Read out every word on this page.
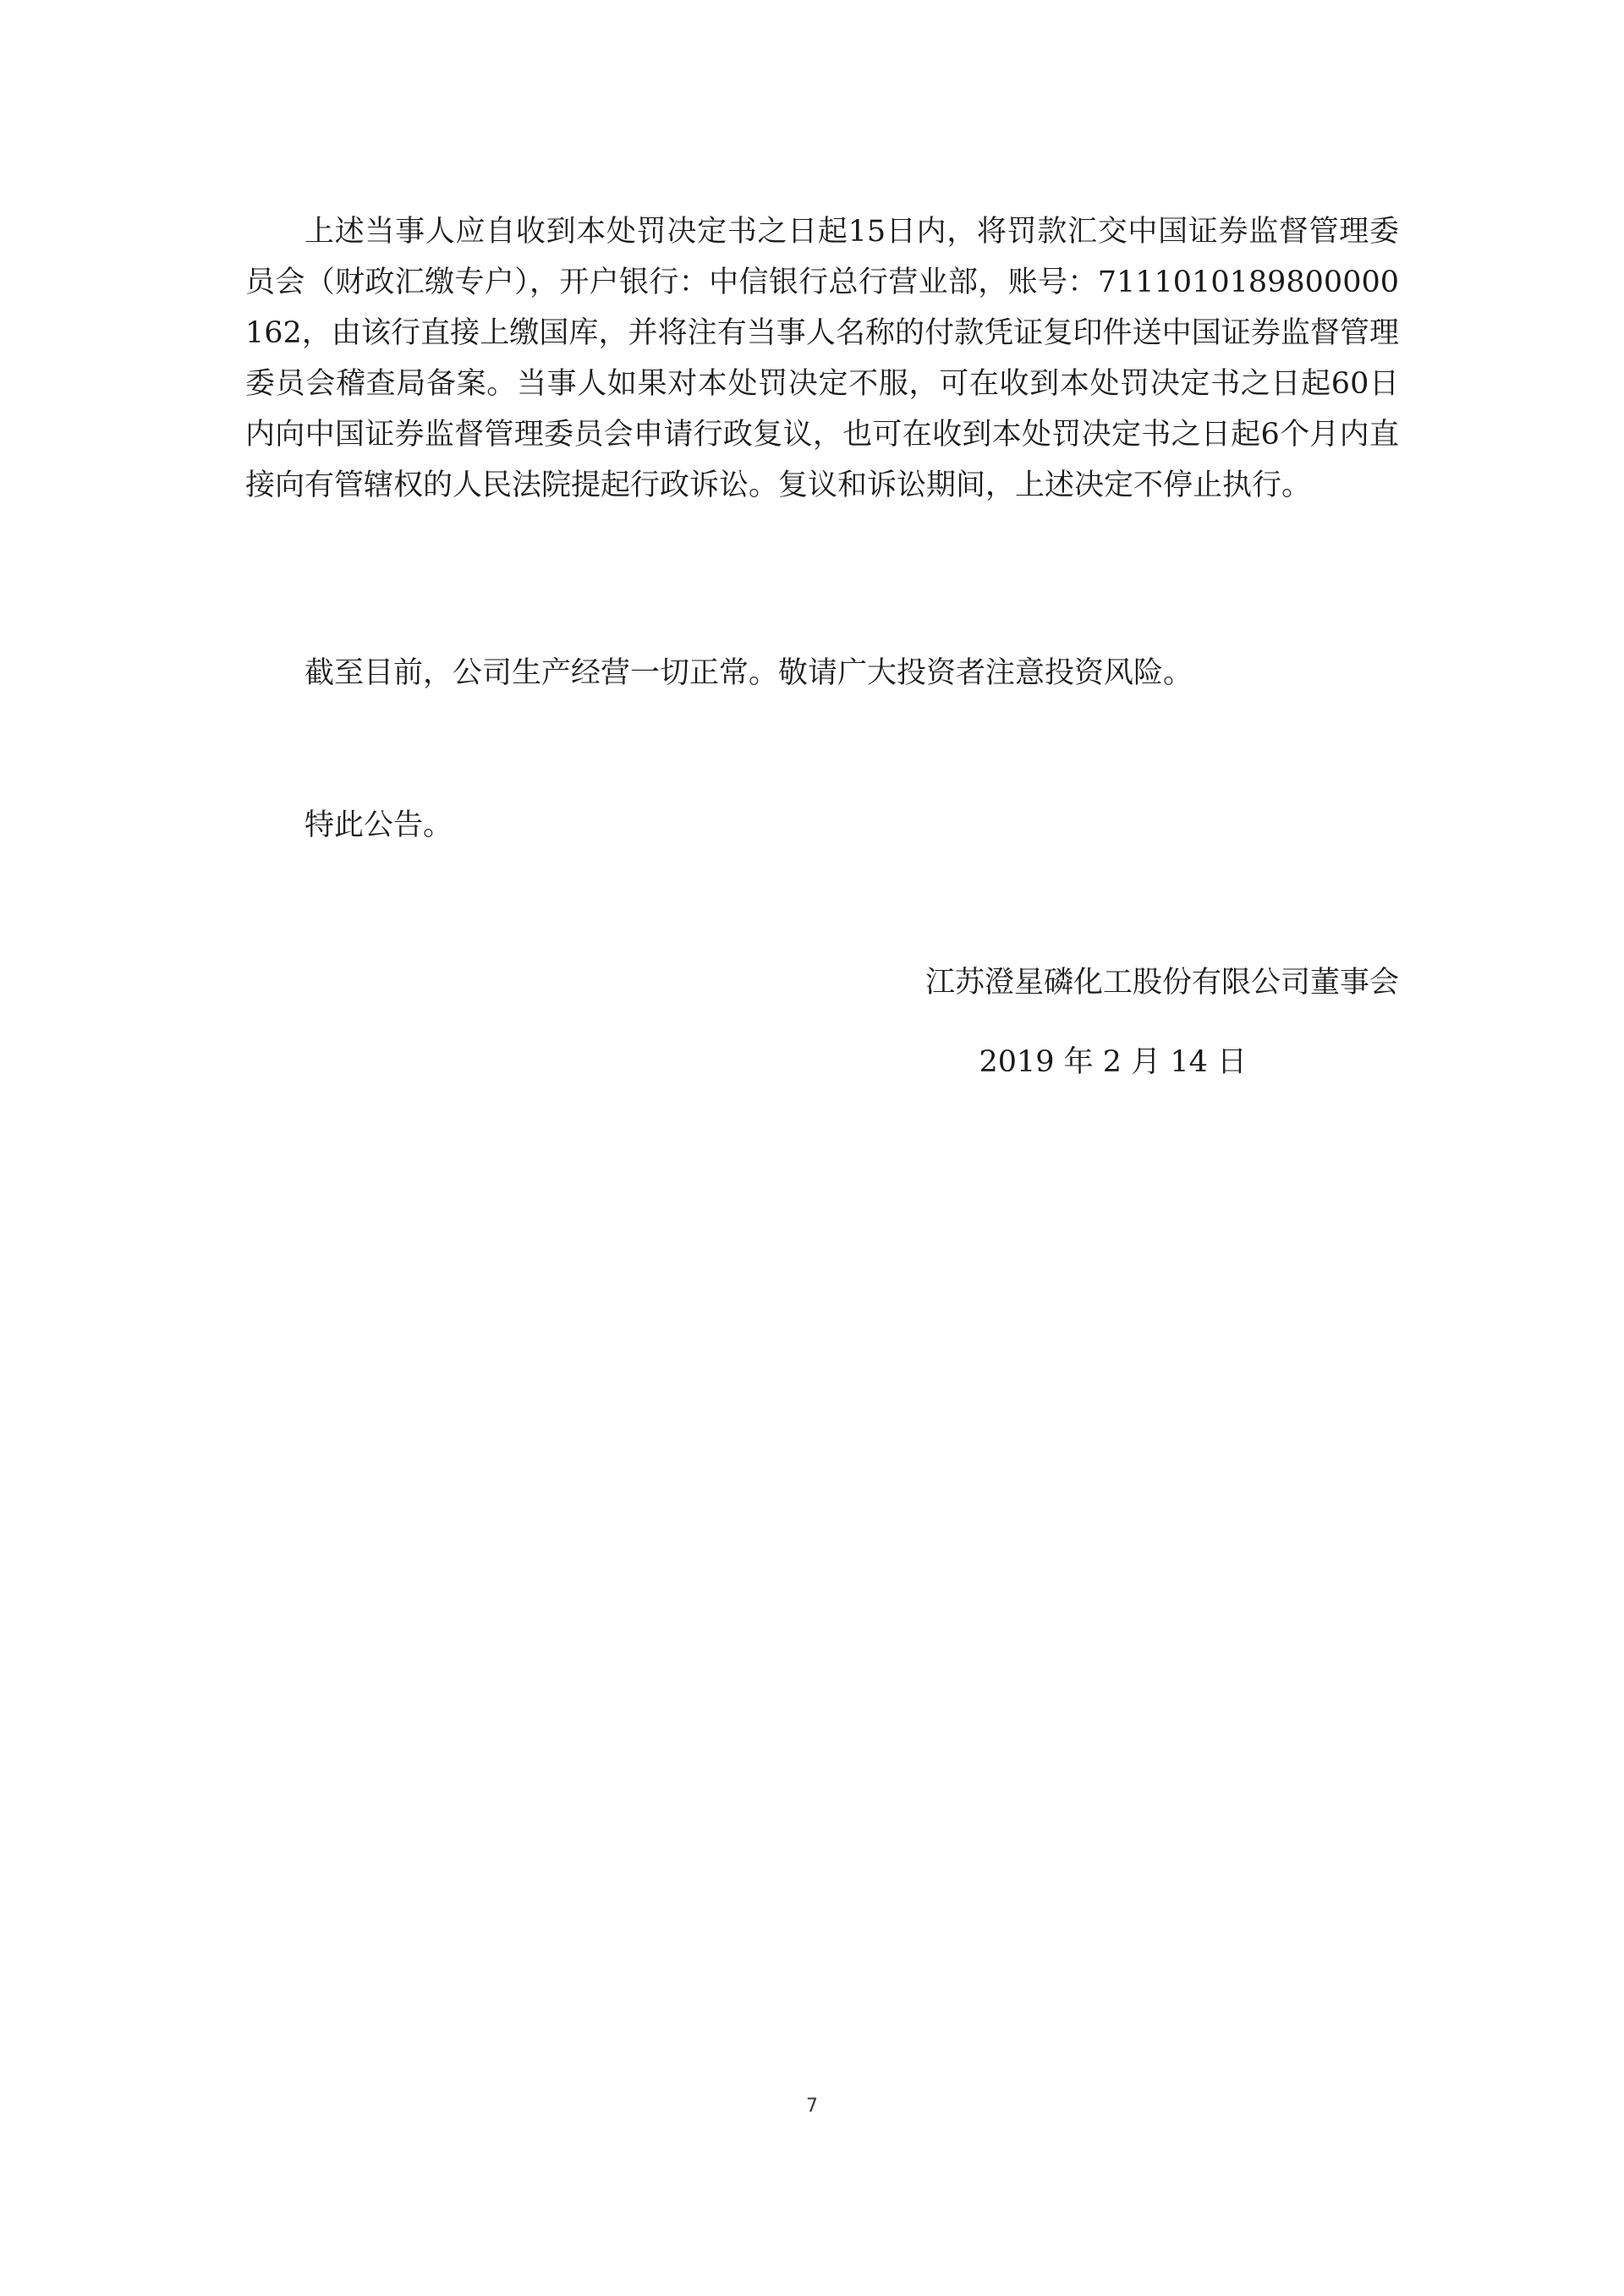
上述当事人应自收到本处罚决定书之日起15日内，将罚款汇交中国证券监督管理委员会（财政汇缴专户），开户银行：中信银行总行营业部，账号：7111010189800000162，由该行直接上缴国库，并将注有当事人名称的付款凭证复印件送中国证券监督管理委员会稽查局备案。当事人如果对本处罚决定不服，可在收到本处罚决定书之日起60日内向中国证券监督管理委员会申请行政复议，也可在收到本处罚决定书之日起6个月内直接向有管辖权的人民法院提起行政诉讼。复议和诉讼期间，上述决定不停止执行。

截至目前，公司生产经营一切正常。敬请广大投资者注意投资风险。

特此公告。

江苏澄星磷化工股份有限公司董事会
2019 年 2 月 14 日
7
